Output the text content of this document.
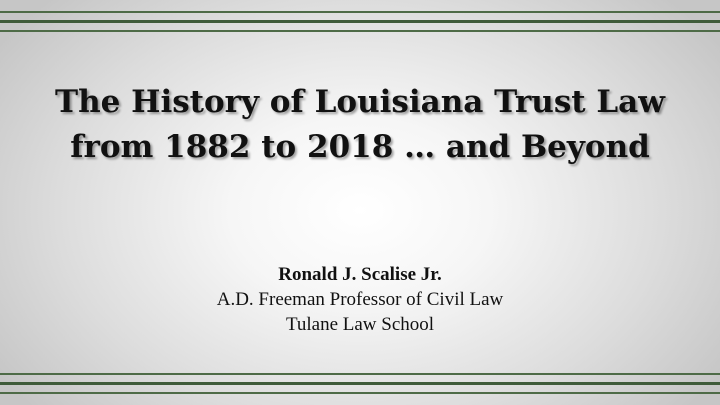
The History of Louisiana Trust Law
from 1882 to 2018 … and Beyond
Ronald J. Scalise Jr.
A.D. Freeman Professor of Civil Law
Tulane Law School
